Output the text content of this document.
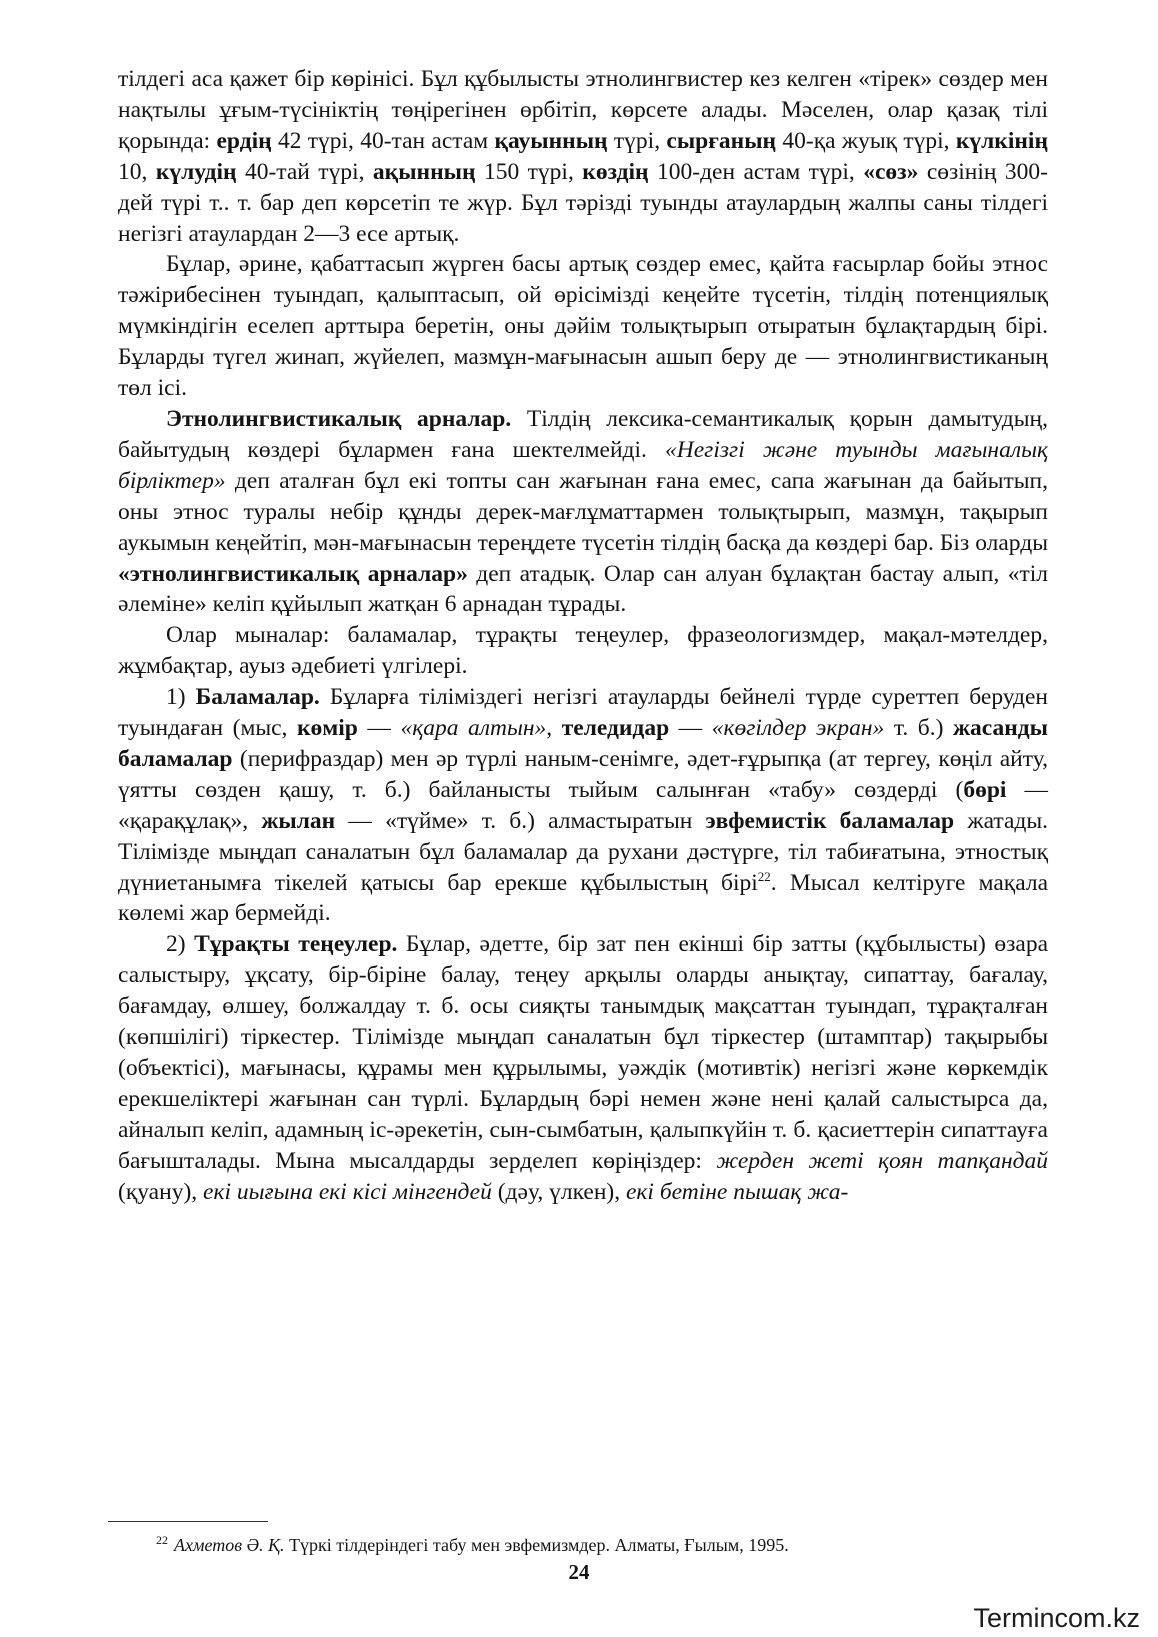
тілдегі аса қажет бір көрінісі. Бұл құбылысты этнолингвистер кез келген «тірек» сөздер мен нақтылы ұғым-түсініктің төңірегінен өрбітіп, көрсете алады. Мәселен, олар қазақ тілі қорында: ердің 42 түрі, 40-тан астам қауынның түрі, сырғаның 40-қа жуық түрі, күлкінің 10, күлудің 40-тай түрі, ақынның 150 түрі, көздің 100-ден астам түрі, «сөз» сөзінің 300-дей түрі т.. т. бар деп көрсетіп те жүр. Бұл тәрізді туынды атаулардың жалпы саны тілдегі негізгі атаулардан 2—3 есе артық.

Бұлар, әрине, қабаттасып жүрген басы артық сөздер емес, қайта ғасырлар бойы этнос тәжірибесінен туындап, қалыптасып, ой өрісімізді кеңейте түсетін, тілдің потенциялық мүмкіндігін еселеп арттыра беретін, оны дәйім толықтырып отыратын бұлақтардың бірі. Бұларды түгел жинап, жүйелеп, мазмұн-мағынасын ашып беру де — этнолингвистиканың төл ісі.

Этнолингвистикалық арналар. Тілдің лексика-семантикалық қорын дамытудың, байытудың көздері бұлармен ғана шектелмейді. «Негізгі және туынды мағыналық бірліктер» деп аталған бұл екі топты сан жағынан ғана емес, сапа жағынан да байытып, оны этнос туралы небір құнды дерек-мағлұматтармен толықтырып, мазмұн, тақырып аукымын кеңейтіп, мән-мағынасын тереңдете түсетін тілдің басқа да көздері бар. Біз оларды «этнолингвистикалық арналар» деп атадық. Олар сан алуан бұлақтан бастау алып, «тіл әлеміне» келіп құйылып жатқан 6 арнадан тұрады.

Олар мыналар: баламалар, тұрақты теңеулер, фразеологизмдер, мақал-мәтелдер, жұмбақтар, ауыз әдебиеті үлгілері.

1) Баламалар. Бұларға тіліміздегі негізгі атауларды бейнелі түрде суреттеп беруден туындаған (мыс, көмір — «қара алтын», теледидар — «көгілдер экран» т. б.) жасанды баламалар (перифраздар) мен әр түрлі наным-сенімге, әдет-ғұрыпқа (ат тергеу, көңіл айту, үятты сөзден қашу, т. б.) байланысты тыйым салынған «табу» сөздерді (бөрі — «қарақұлақ», жылан — «түйме» т. б.) алмастыратын эвфемистік баламалар жатады. Тілімізде мыңдап саналатын бұл баламалар да рухани дәстүрге, тіл табиғатына, этностық дүниетанымға тікелей қатысы бар ерекше құбылыстың бірі$^{22}$. Мысал келтіруге мақала көлемі жар бермейді.

2) Тұрақты теңеулер. Бұлар, әдетте, бір зат пен екінші бір затты (құбылысты) өзара салыстыру, ұқсату, бір-біріне балау, теңеу арқылы оларды анықтау, сипаттау, бағалау, бағамдау, өлшеу, болжалдау т. б. осы сияқты танымдық мақсаттан туындап, тұрақталған (көпшілігі) тіркестер. Тілімізде мыңдап саналатын бұл тіркестер (штамптар) тақырыбы (объектісі), мағынасы, құрамы мен құрылымы, уәждік (мотивтік) негізгі және көркемдік ерекшеліктері жағынан сан түрлі. Бұлардың бәрі немен және нені қалай салыстырса да, айналып келіп, адамның іс-әрекетін, сын-сымбатын, қалыпкүйін т. б. қасиеттерін сипаттауға бағышталады. Мына мысалдарды зерделеп көріңіздер: жерден жеті қоян тапқандай (қуану), екі иығына екі кісі мінгендей (дәу, үлкен), екі бетіне пышақ жа-

$^{22}$ Ахметов Ә. Қ. Түркі тілдеріндегі табу мен эвфемизмдер. Алматы, Ғылым, 1995.
24
Termincom.kz
